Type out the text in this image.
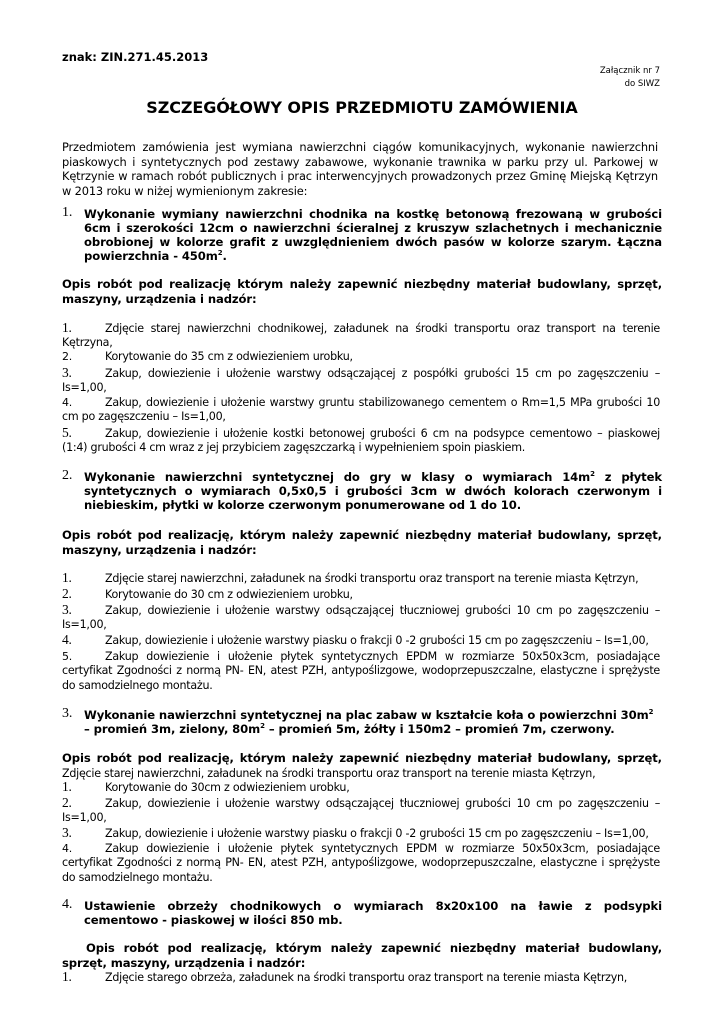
znak: ZIN.271.45.2013
Załącznik nr 7
do SIWZ
SZCZEGÓŁOWY OPIS PRZEDMIOTU ZAMÓWIENIA
Przedmiotem zamówienia jest wymiana nawierzchni ciągów komunikacyjnych, wykonanie nawierzchni piaskowych i syntetycznych pod zestawy zabawowe, wykonanie trawnika w parku przy ul. Parkowej w Kętrzynie w ramach robót publicznych i prac interwencyjnych prowadzonych przez Gminę Miejską Kętrzyn w 2013 roku w niżej wymienionym zakresie:
1. Wykonanie wymiany nawierzchni chodnika na kostkę betonową frezowaną w grubości 6cm i szerokości 12cm o nawierzchni ścieralnej z kruszyw szlachetnych i mechanicznie obrobionej w kolorze grafit z uwzględnieniem dwóch pasów w kolorze szarym. Łączna powierzchnia - $450m^2$.
Opis robót pod realizację którym należy zapewnić niezbędny materiał budowlany, sprzęt, maszyny, urządzenia i nadzór:
1.	Zdjęcie starej nawierzchni chodnikowej, załadunek na środki transportu oraz transport na terenie Kętrzyna,
2.	Korytowanie do 35 cm z odwiezieniem urobku,
3.	Zakup, dowiezienie i ułożenie warstwy odsączającej z pospółki grubości 15 cm po zagęszczeniu – Is=1,00,
4.	Zakup, dowiezienie i ułożenie warstwy gruntu stabilizowanego cementem o Rm=1,5 MPa grubości 10 cm po zagęszczeniu – Is=1,00,
5.	Zakup, dowiezienie i ułożenie kostki betonowej grubości 6 cm na podsypce cementowo – piaskowej (1:4) grubości 4 cm wraz z jej przybiciem zagęszczarką i wypełnieniem spoin piaskiem.
2. Wykonanie nawierzchni syntetycznej do gry w klasy o wymiarach $14m^2$ z płytek syntetycznych o wymiarach 0,5x0,5 i grubości 3cm w dwóch kolorach czerwonym i niebieskim, płytki w kolorze czerwonym ponumerowane od 1 do 10.
Opis robót pod realizację, którym należy zapewnić niezbędny materiał budowlany, sprzęt, maszyny, urządzenia i nadzór:
1.	Zdjęcie starej nawierzchni, załadunek na środki transportu oraz transport na terenie miasta Kętrzyn,
2.	Korytowanie do 30 cm z odwiezieniem urobku,
3.	Zakup, dowiezienie i ułożenie warstwy odsączającej tłuczniowej grubości 10 cm po zagęszczeniu – Is=1,00,
4.	Zakup, dowiezienie i ułożenie warstwy piasku o frakcji 0 -2 grubości 15 cm po zagęszczeniu – Is=1,00,
5.	Zakup dowiezienie i ułożenie płytek syntetycznych EPDM w rozmiarze 50x50x3cm, posiadające certyfikat Zgodności z normą PN- EN, atest PZH, antypoślizgowe, wodoprzepuszczalne, elastyczne i sprężyste do samodzielnego montażu.
3. Wykonanie nawierzchni syntetycznej na plac zabaw w kształcie koła o powierzchni $30m^2$ – promień 3m, zielony, $80m^2$ – promień 5m, żółty i 150m2 – promień 7m, czerwony.
Opis robót pod realizację, którym należy zapewnić niezbędny materiał budowlany, sprzęt, Zdjęcie starej nawierzchni, załadunek na środki transportu oraz transport na terenie miasta Kętrzyn,
1.	Korytowanie do 30cm z odwiezieniem urobku,
2.	Zakup, dowiezienie i ułożenie warstwy odsączającej tłuczniowej grubości 10 cm po zagęszczeniu – Is=1,00,
3.	Zakup, dowiezienie i ułożenie warstwy piasku o frakcji 0 -2 grubości 15 cm po zagęszczeniu – Is=1,00,
4.	Zakup dowiezienie i ułożenie płytek syntetycznych EPDM w rozmiarze 50x50x3cm, posiadające certyfikat Zgodności z normą PN- EN, atest PZH, antypoślizgowe, wodoprzepuszczalne, elastyczne i sprężyste do samodzielnego montażu.
4. Ustawienie obrzeży chodnikowych o wymiarach 8x20x100 na ławie z podsypki cementowo - piaskowej w ilości 850 mb.
Opis robót pod realizację, którym należy zapewnić niezbędny materiał budowlany, sprzęt, maszyny, urządzenia i nadzór:
1.	Zdjęcie starego obrzeża, załadunek na środki transportu oraz transport na terenie miasta Kętrzyn,
